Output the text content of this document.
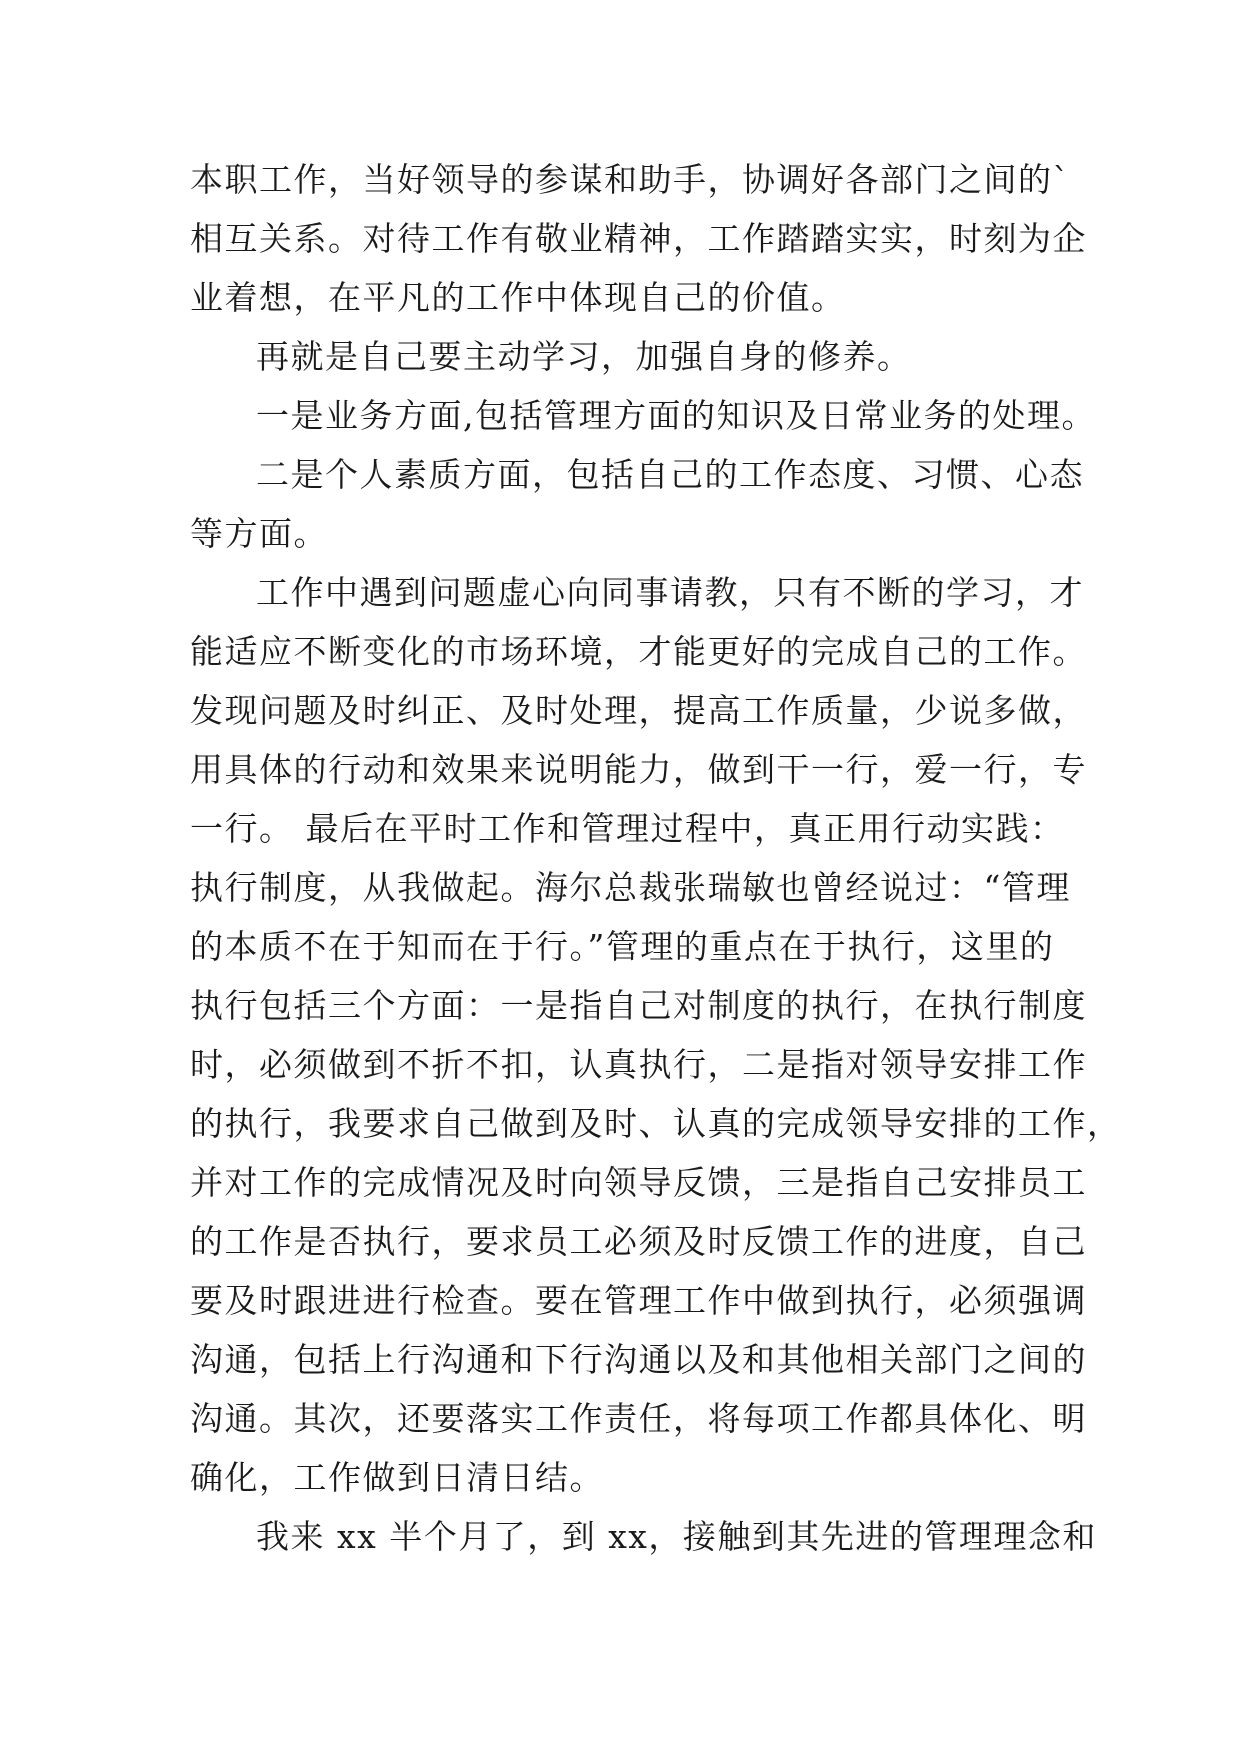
本职工作，当好领导的参谋和助手，协调好各部门之间的`
相互关系。对待工作有敬业精神，工作踏踏实实，时刻为企
业着想，在平凡的工作中体现自己的价值。
再就是自己要主动学习，加强自身的修养。
一是业务方面,包括管理方面的知识及日常业务的处理。
二是个人素质方面，包括自己的工作态度、习惯、心态
等方面。
工作中遇到问题虚心向同事请教，只有不断的学习，才
能适应不断变化的市场环境，才能更好的完成自己的工作。
发现问题及时纠正、及时处理，提高工作质量，少说多做，
用具体的行动和效果来说明能力，做到干一行，爱一行，专
一行。 最后在平时工作和管理过程中，真正用行动实践：
执行制度，从我做起。海尔总裁张瑞敏也曾经说过：“管理
的本质不在于知而在于行。”管理的重点在于执行，这里的
执行包括三个方面：一是指自己对制度的执行，在执行制度
时，必须做到不折不扣，认真执行，二是指对领导安排工作
的执行，我要求自己做到及时、认真的完成领导安排的工作，
并对工作的完成情况及时向领导反馈，三是指自己安排员工
的工作是否执行，要求员工必须及时反馈工作的进度，自己
要及时跟进进行检查。要在管理工作中做到执行，必须强调
沟通，包括上行沟通和下行沟通以及和其他相关部门之间的
沟通。其次，还要落实工作责任，将每项工作都具体化、明
确化，工作做到日清日结。
我来 xx 半个月了，到 xx，接触到其先进的管理理念和
